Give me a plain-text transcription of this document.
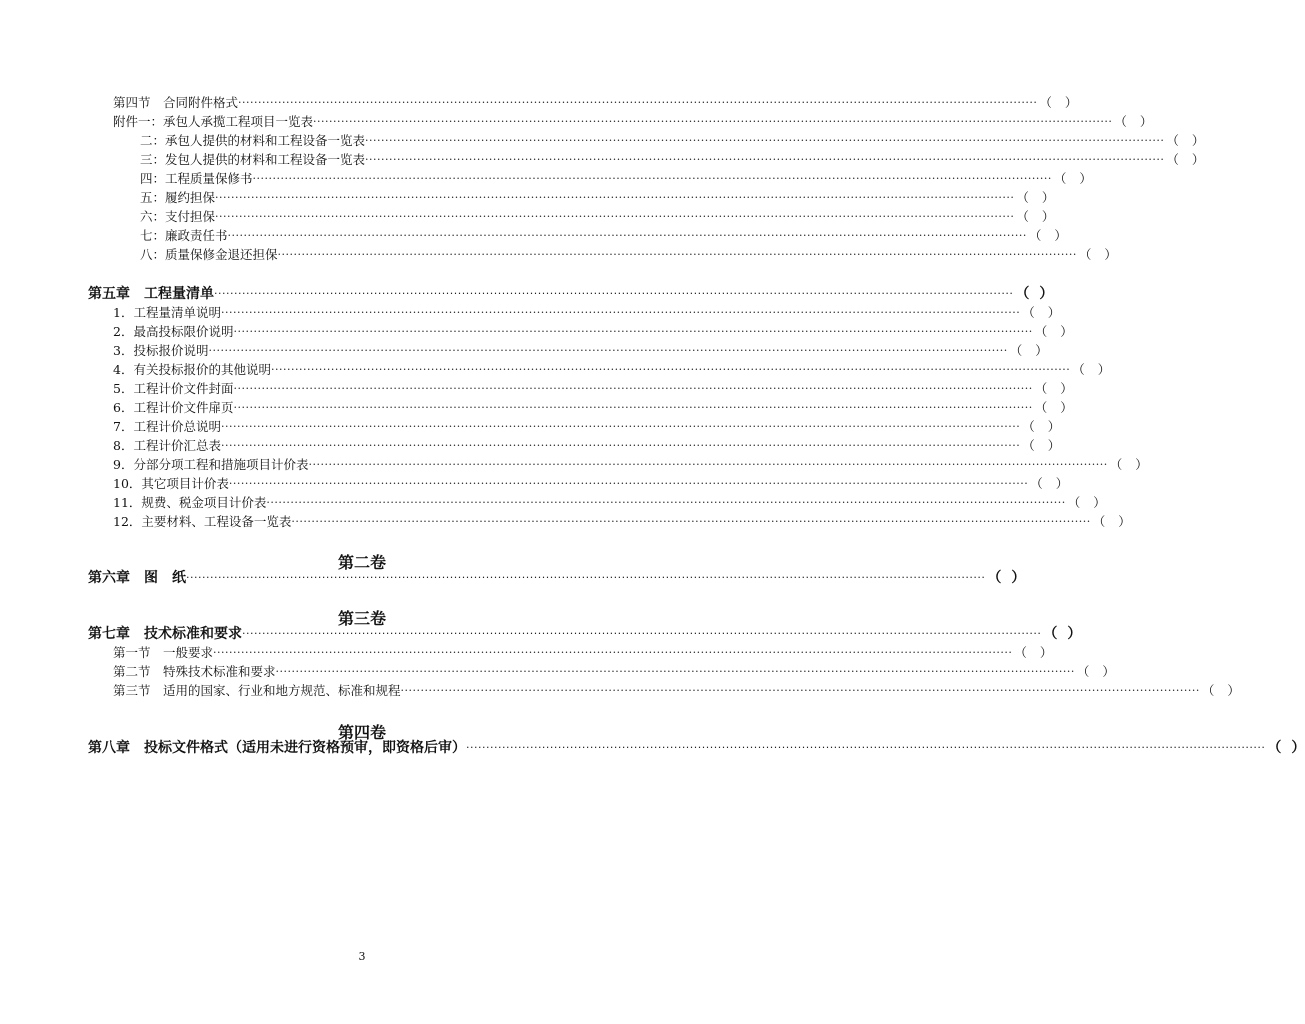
第四节　合同附件格式 ········································································································································································································ （ ）
附件一：承包人承揽工程项目一览表 ········································································································································································································ （ ）
二：承包人提供的材料和工程设备一览表 ········································································································································································································ （ ）
三：发包人提供的材料和工程设备一览表 ········································································································································································································ （ ）
四：工程质量保修书 ········································································································································································································ （ ）
五：履约担保 ········································································································································································································ （ ）
六：支付担保 ········································································································································································································ （ ）
七：廉政责任书 ········································································································································································································ （ ）
八：质量保修金退还担保 ········································································································································································································ （ ）
第五章　工程量清单 ········································································································································································································ （ ）
1．工程量清单说明 ········································································································································································································ （ ）
2．最高投标限价说明 ········································································································································································································ （ ）
3．投标报价说明 ········································································································································································································ （ ）
4．有关投标报价的其他说明 ········································································································································································································ （ ）
5．工程计价文件封面 ········································································································································································································ （ ）
6．工程计价文件扉页 ········································································································································································································ （ ）
7．工程计价总说明 ········································································································································································································ （ ）
8．工程计价汇总表 ········································································································································································································ （ ）
9．分部分项工程和措施项目计价表 ········································································································································································································ （ ）
10．其它项目计价表 ········································································································································································································ （ ）
11．规费、税金项目计价表 ········································································································································································································ （ ）
12．主要材料、工程设备一览表 ········································································································································································································ （ ）
第二卷
第六章　图　纸 ········································································································································································································ （ ）
第三卷
第七章　技术标准和要求 ········································································································································································································ （ ）
第一节　一般要求 ········································································································································································································ （ ）
第二节　特殊技术标准和要求 ········································································································································································································ （ ）
第三节　适用的国家、行业和地方规范、标准和规程 ········································································································································································································ （ ）
第四卷
第八章　投标文件格式（适用未进行资格预审，即资格后审） ········································································································································································································ （ ）
3
